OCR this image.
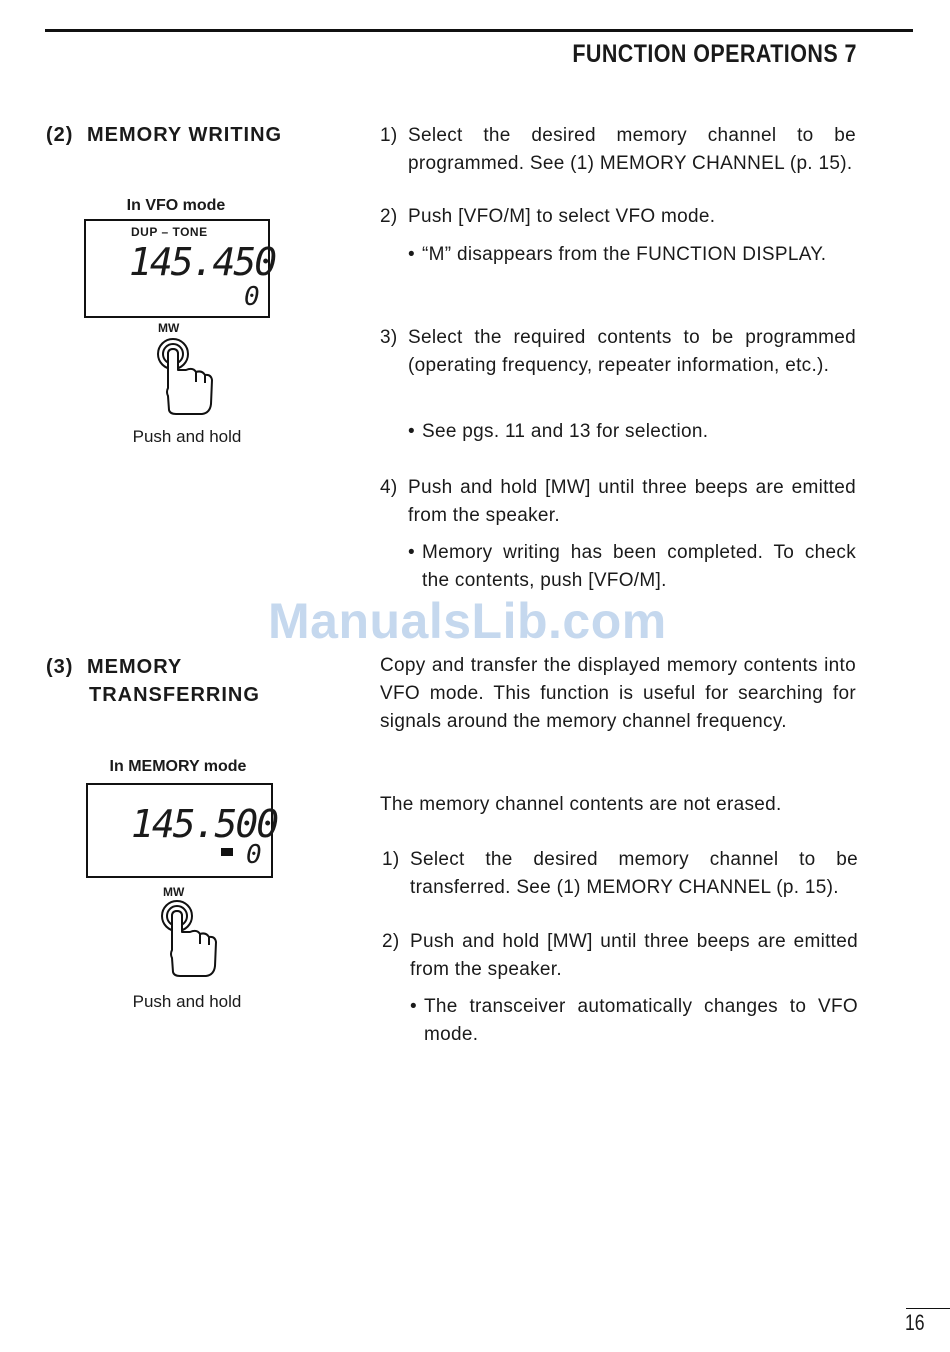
FUNCTION OPERATIONS 7
(2) MEMORY WRITING
In VFO mode
DUP – TONE
145.450
0
MW
Push and hold
1) Select the desired memory channel to be programmed. See (1) MEMORY CHANNEL (p. 15).
2) Push [VFO/M] to select VFO mode.
• “M” disappears from the FUNCTION DISPLAY.
3) Select the required contents to be programmed (operating frequency, repeater information, etc.).
• See pgs. 11 and 13 for selection.
4) Push and hold [MW] until three beeps are emitted from the speaker.
• Memory writing has been completed. To check the contents, push [VFO/M].
ManualsLib.com
(3) MEMORY
TRANSFERRING
In MEMORY mode
145.500
0
MW
Push and hold
Copy and transfer the displayed memory contents into VFO mode. This function is useful for searching for signals around the memory channel frequency.
The memory channel contents are not erased.
1) Select the desired memory channel to be transferred. See (1) MEMORY CHANNEL (p. 15).
2) Push and hold [MW] until three beeps are emitted from the speaker.
• The transceiver automatically changes to VFO mode.
16
